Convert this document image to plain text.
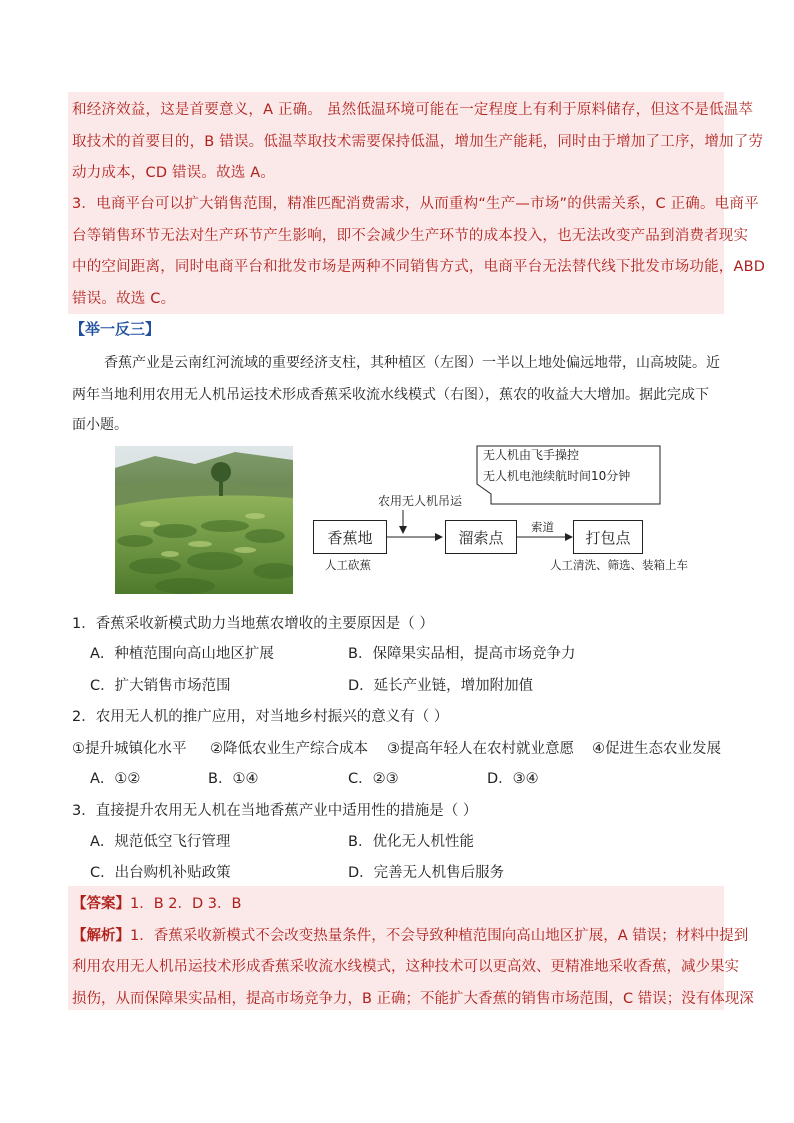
和经济效益，这是首要意义，A 正确。 虽然低温环境可能在一定程度上有利于原料储存，但这不是低温萃
取技术的首要目的，B 错误。低温萃取技术需要保持低温，增加生产能耗，同时由于增加了工序，增加了劳
动力成本，CD 错误。故选 A。
3．电商平台可以扩大销售范围，精准匹配消费需求，从而重构“生产—市场”的供需关系，C 正确。电商平
台等销售环节无法对生产环节产生影响，即不会减少生产环节的成本投入，也无法改变产品到消费者现实
中的空间距离，同时电商平台和批发市场是两种不同销售方式，电商平台无法替代线下批发市场功能，ABD
错误。故选 C。
【举一反三】
香蕉产业是云南红河流域的重要经济支柱，其种植区（左图）一半以上地处偏远地带，山高坡陡。近
两年当地利用农用无人机吊运技术形成香蕉采收流水线模式（右图），蕉农的收益大大增加。据此完成下
面小题。
无人机由飞手操控
无人机电池续航时间10分钟
农用无人机吊运
香蕉地	溜索点	打包点
索道
人工砍蕉	人工清洗、筛选、装箱上车
1．香蕉采收新模式助力当地蕉农增收的主要原因是（ ）
A．种植范围向高山地区扩展	B．保障果实品相，提高市场竞争力
C．扩大销售市场范围	D．延长产业链，增加附加值
2．农用无人机的推广应用，对当地乡村振兴的意义有（ ）
①提升城镇化水平 ②降低农业生产综合成本 ③提高年轻人在农村就业意愿 ④促进生态农业发展
A．①②	B．①④	C．②③	D．③④
3．直接提升农用无人机在当地香蕉产业中适用性的措施是（ ）
A．规范低空飞行管理	B．优化无人机性能
C．出台购机补贴政策	D．完善无人机售后服务
【答案】1．B 2．D 3．B
【解析】1．香蕉采收新模式不会改变热量条件，不会导致种植范围向高山地区扩展，A 错误；材料中提到
利用农用无人机吊运技术形成香蕉采收流水线模式，这种技术可以更高效、更精准地采收香蕉，减少果实
损伤，从而保障果实品相，提高市场竞争力，B 正确；不能扩大香蕉的销售市场范围，C 错误；没有体现深
